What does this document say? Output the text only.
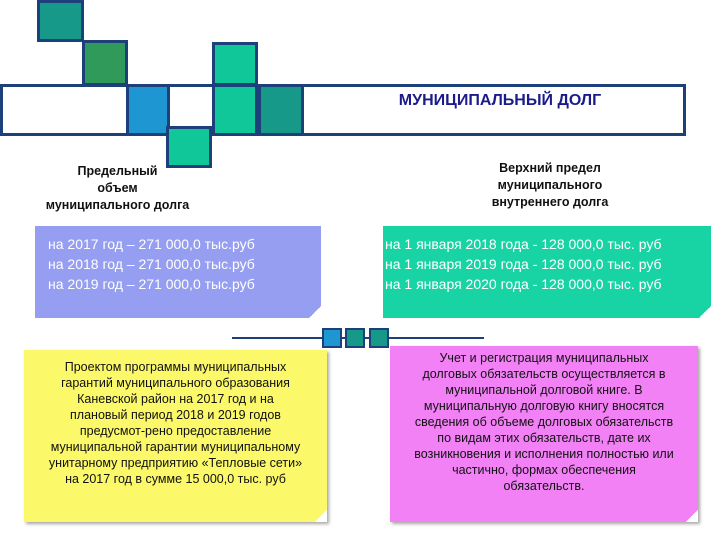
МУНИЦИПАЛЬНЫЙ ДОЛГ
Предельный
объем
муниципального долга
Верхний предел
муниципального
внутреннего долга
на 2017 год – 271 000,0 тыс.руб
на 2018 год – 271 000,0 тыс.руб
на 2019 год – 271 000,0 тыс.руб
на 1 января 2018 года - 128 000,0 тыс. руб
на 1 января 2019 года - 128 000,0 тыс. руб
на 1 января 2020 года - 128 000,0 тыс. руб
Проектом программы муниципальных
гарантий муниципального образования
Каневской район на 2017 год и на
плановый период 2018 и 2019 годов
предусмот-рено предоставление
муниципальной гарантии муниципальному
унитарному предприятию «Тепловые сети»
на 2017 год в сумме 15 000,0 тыс. руб
Учет и регистрация муниципальных
долговых обязательств осуществляется в
муниципальной долговой книге. В
муниципальную долговую книгу вносятся
сведения об объеме долговых обязательств
по видам этих обязательств, дате их
возникновения и исполнения полностью или
частично, формах обеспечения
обязательств.
